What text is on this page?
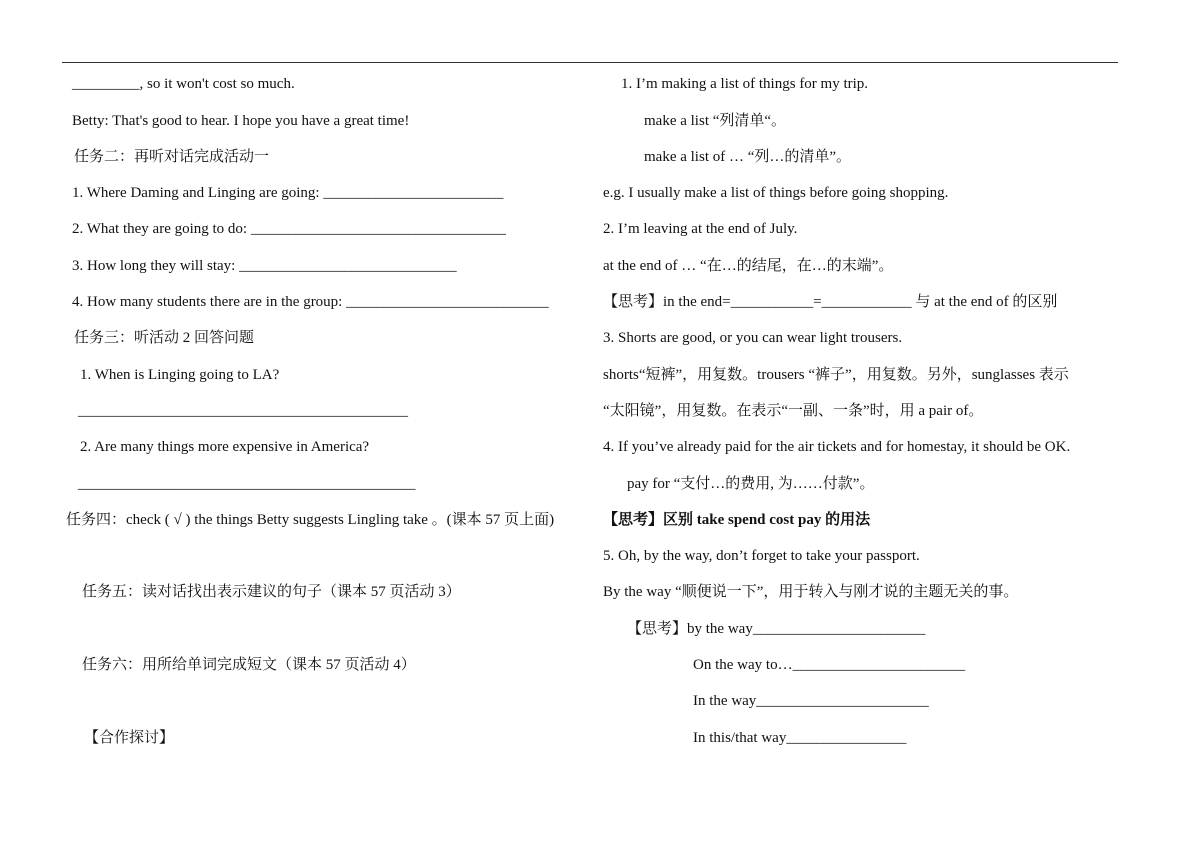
_________, so it won't cost so much.
Betty: That's good to hear. I hope you have a great time!
任务二：再听对话完成活动一
1. Where Daming and Linging are going: ________________________
2. What they are going to do: __________________________________
3. How long they will stay: _____________________________
4. How many students there are in the group: ___________________________
任务三：听活动 2 回答问题
1. When is Linging going to LA?
____________________________________________
2. Are many things more expensive in America?
_____________________________________________
任务四：check ( √ ) the things Betty suggests Lingling take 。(课本 57 页上面)
任务五：读对话找出表示建议的句子（课本 57 页活动 3）
任务六：用所给单词完成短文（课本 57 页活动 4）
【合作探讨】
1. I’m making a list of things for my trip.
make a list “列清单“。
make a list of … “列…的清单”。
e.g. I usually make a list of things before going shopping.
2. I’m leaving at the end of July.
at the end of … “在…的结尾，在…的末端”。
【思考】in the end=___________=____________ 与 at the end of 的区别
3. Shorts are good, or you can wear light trousers.
shorts“短裤”，用复数。trousers “裤子”，用复数。另外，sunglasses 表示
“太阳镜”，用复数。在表示“一副、一条”时，用 a pair of。
4. If you’ve already paid for the air tickets and for homestay, it should be OK.
pay for “支付…的费用, 为……付款”。
【思考】区别 take spend cost pay 的用法
5. Oh, by the way, don’t forget to take your passport.
By the way “顺便说一下”，用于转入与刚才说的主题无关的事。
【思考】by the way_______________________
On the way to…_______________________
In the way_______________________
In this/that way________________
